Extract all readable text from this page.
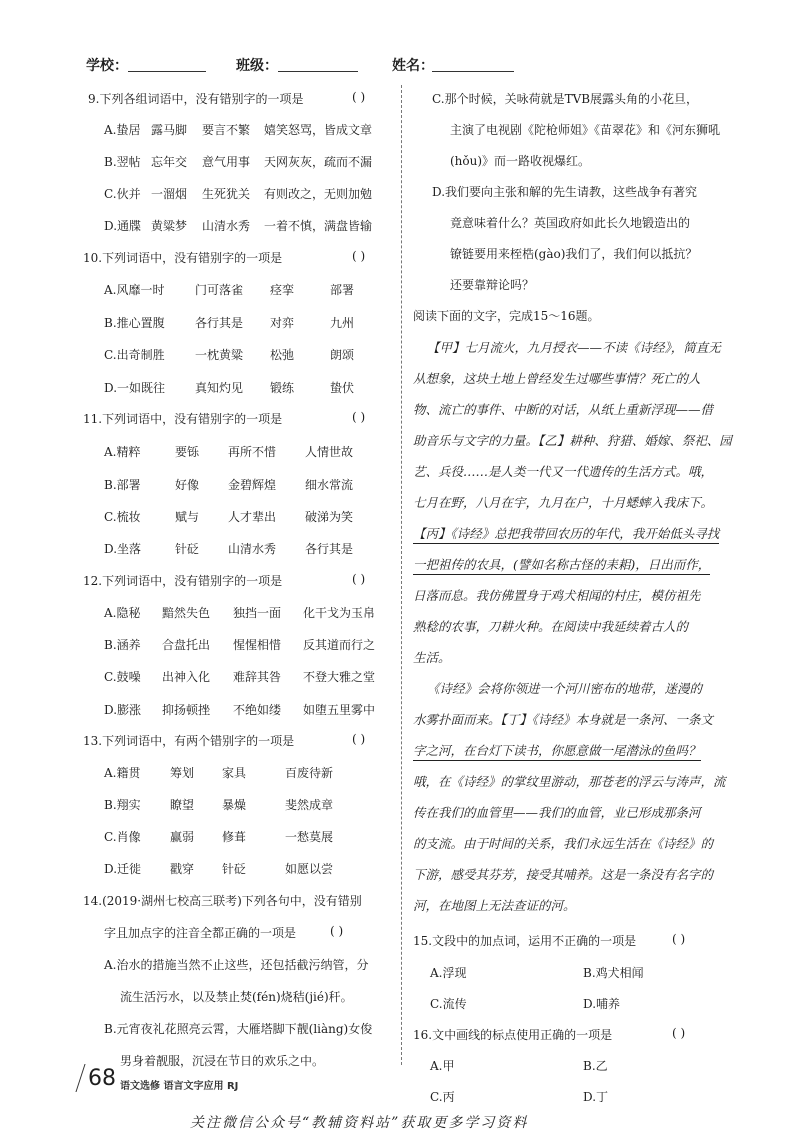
学校：	班级：	姓名：
9.下列各组词语中，没有错别字的一项是	( )
A.蛰居 露马脚 要言不繁 嬉笑怒骂，皆成文章
B.翌帖 忘年交 意气用事 天网灰灰，疏而不漏
C.伙并 一溜烟 生死犹关 有则改之，无则加勉
D.通牒 黄粱梦 山清水秀 一着不慎，满盘皆输
10.下列词语中，没有错别字的一项是	( )
A.风靡一时	门可落雀 痉挛	部署
B.推心置腹	各行其是 对弈	九州
C.出奇制胜	一枕黄粱 松弛	朗颂
D.一如既往 真知灼见 锻练	蛰伏
11.下列词语中，没有错别字的一项是	( )
A.精粹	要铄 再所不惜 人情世故
B.部署	好像 金碧辉煌 细水常流
C.梳妆	赋与 人才辈出 破涕为笑
D.坐落	针砭 山清水秀 各行其是
12.下列词语中，没有错别字的一项是	( )
A.隐秘 黯然失色 独挡一面 化干戈为玉帛
B.涵养 合盘托出 惺惺相惜 反其道而行之
C.鼓噪 出神入化 难辞其咎 不登大雅之堂
D.膨涨 抑扬顿挫 不绝如缕 如堕五里雾中
13.下列词语中，有两个错别字的一项是	( )
A.籍贯 筹划 家具	百废待新
B.翔实 瞭望 暴燥	斐然成章
C.肖像 赢弱 修葺	一愁莫展
D.迁徙 戳穿 针砭	如愿以尝
14.(2019·湖州七校高三联考)下列各句中，没有错别
字且加点字的注音全都正确的一项是	( )
A.治水的措施当然不止这些，还包括截污纳管，分
流生活污水，以及禁止焚(fén)烧秸(jié)秆。
B.元宵夜礼花照亮云霄，大雁塔脚下靓(liàng)女俊
男身着靓服，沉浸在节日的欢乐之中。
C.那个时候，关咏荷就是TVB展露头角的小花旦，
主演了电视剧《陀枪师姐》《苗翠花》和《河东狮吼
(hǒu)》而一路收视爆红。
D.我们要向主张和解的先生请教，这些战争有著究
竟意味着什么？英国政府如此长久地锻造出的
镣链要用来桎梏(gào)我们了，我们何以抵抗？
还要靠辩论吗？
阅读下面的文字，完成15～16题。
【甲】七月流火，九月授衣——不读《诗经》，简直无
从想象，这块土地上曾经发生过哪些事情？死亡的人
物、流亡的事件、中断的对话，从纸上重新浮现——借
助音乐与文字的力量。【乙】耕种、狩猎、婚嫁、祭祀、园
艺、兵役……是人类一代又一代遗传的生活方式。哦，
七月在野，八月在宇，九月在户，十月蟋蟀入我床下。
【丙】《诗经》总把我带回农历的年代，我开始低头寻找
一把祖传的农具，(譬如名称古怪的耒耜)，日出而作，
日落而息。我仿佛置身于鸡犬相闻的村庄，模仿祖先
熟稔的农事，刀耕火种。在阅读中我延续着古人的
生活。
《诗经》会将你领进一个河川密布的地带，迷漫的
水雾扑面而来。【丁】《诗经》本身就是一条河、一条文
字之河，在台灯下读书，你愿意做一尾潜泳的鱼吗？
哦，在《诗经》的掌纹里游动，那苍老的浮云与涛声，流
传在我们的血管里——我们的血管，业已形成那条河
的支流。由于时间的关系，我们永远生活在《诗经》的
下游，感受其芬芳，接受其哺养。这是一条没有名字的
河，在地图上无法查证的河。
15.文段中的加点词，运用不正确的一项是	( )
A.浮现	B.鸡犬相闻
C.流传	D.哺养
16.文中画线的标点使用正确的一项是	( )
A.甲	B.乙
C.丙	D.丁
68 语文选修 语言文字应用 RJ
关注微信公众号“教辅资料站”获取更多学习资料
